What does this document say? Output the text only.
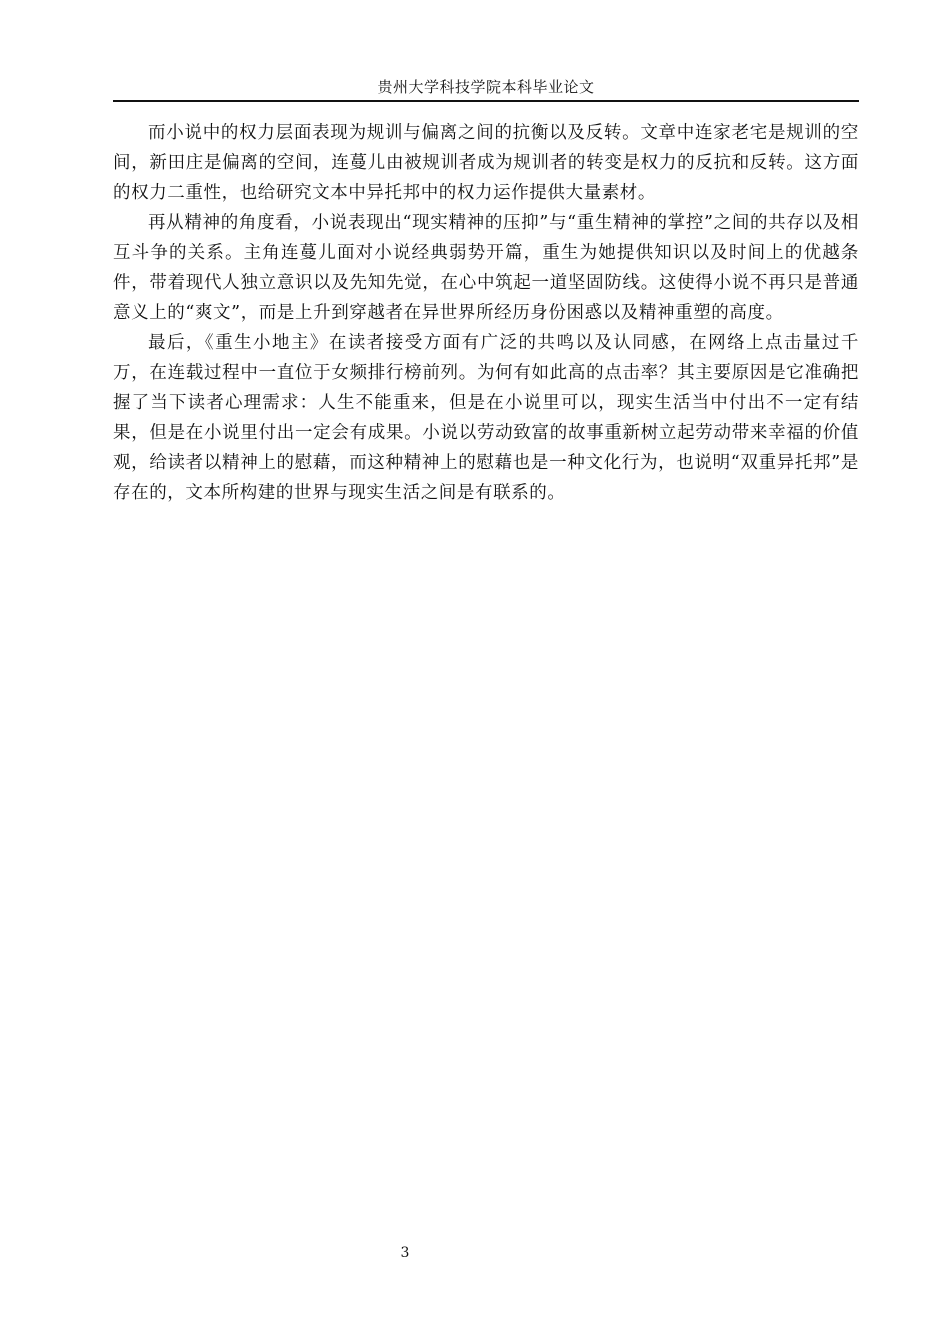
贵州大学科技学院本科毕业论文

而小说中的权力层面表现为规训与偏离之间的抗衡以及反转。文章中连家老宅是规训的空间，新田庄是偏离的空间，连蔓儿由被规训者成为规训者的转变是权力的反抗和反转。这方面的权力二重性，也给研究文本中异托邦中的权力运作提供大量素材。

再从精神的角度看，小说表现出“现实精神的压抑”与“重生精神的掌控”之间的共存以及相互斗争的关系。主角连蔓儿面对小说经典弱势开篇，重生为她提供知识以及时间上的优越条件，带着现代人独立意识以及先知先觉，在心中筑起一道坚固防线。这使得小说不再只是普通意义上的“爽文”，而是上升到穿越者在异世界所经历身份困惑以及精神重塑的高度。

最后，《重生小地主》在读者接受方面有广泛的共鸣以及认同感，在网络上点击量过千万，在连载过程中一直位于女频排行榜前列。为何有如此高的点击率？其主要原因是它准确把握了当下读者心理需求：人生不能重来，但是在小说里可以，现实生活当中付出不一定有结果，但是在小说里付出一定会有成果。小说以劳动致富的故事重新树立起劳动带来幸福的价值观，给读者以精神上的慰藉，而这种精神上的慰藉也是一种文化行为，也说明“双重异托邦”是存在的，文本所构建的世界与现实生活之间是有联系的。

3
